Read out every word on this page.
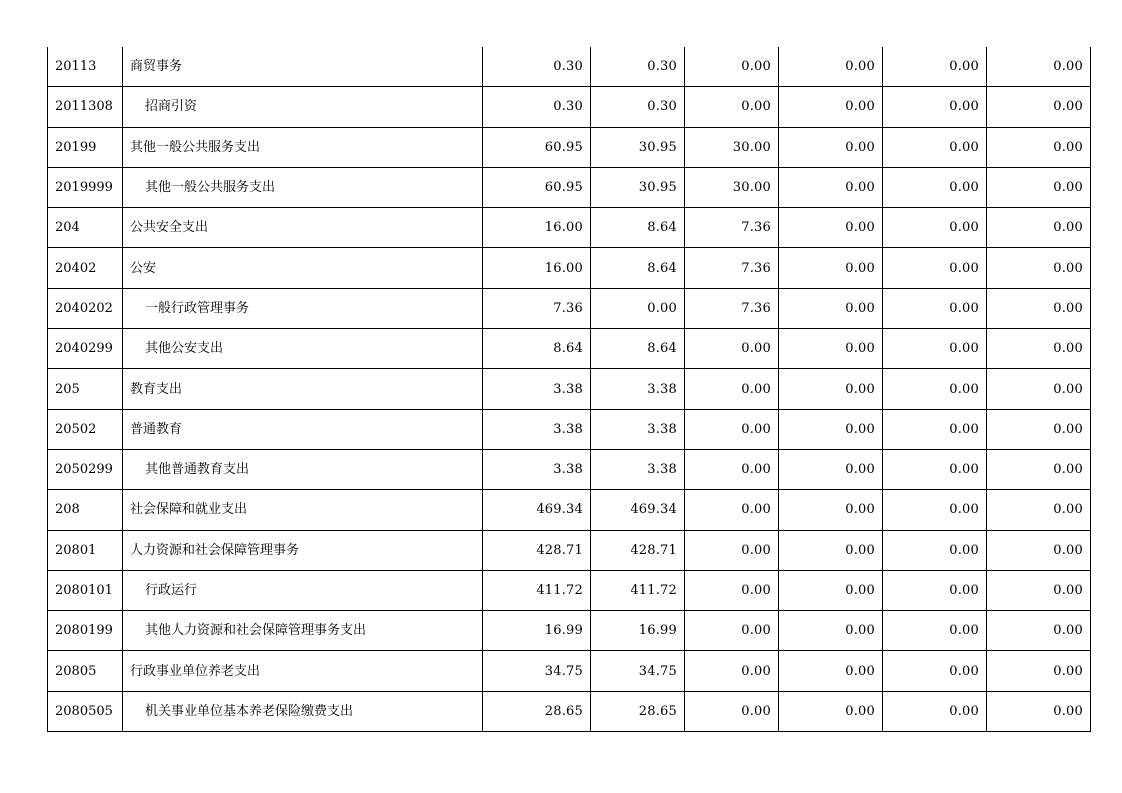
20113	商贸事务	0.30	0.30	0.00	0.00	0.00	0.00
2011308	招商引资	0.30	0.30	0.00	0.00	0.00	0.00
20199	其他一般公共服务支出	60.95	30.95	30.00	0.00	0.00	0.00
2019999	其他一般公共服务支出	60.95	30.95	30.00	0.00	0.00	0.00
204	公共安全支出	16.00	8.64	7.36	0.00	0.00	0.00
20402	公安	16.00	8.64	7.36	0.00	0.00	0.00
2040202	一般行政管理事务	7.36	0.00	7.36	0.00	0.00	0.00
2040299	其他公安支出	8.64	8.64	0.00	0.00	0.00	0.00
205	教育支出	3.38	3.38	0.00	0.00	0.00	0.00
20502	普通教育	3.38	3.38	0.00	0.00	0.00	0.00
2050299	其他普通教育支出	3.38	3.38	0.00	0.00	0.00	0.00
208	社会保障和就业支出	469.34	469.34	0.00	0.00	0.00	0.00
20801	人力资源和社会保障管理事务	428.71	428.71	0.00	0.00	0.00	0.00
2080101	行政运行	411.72	411.72	0.00	0.00	0.00	0.00
2080199	其他人力资源和社会保障管理事务支出	16.99	16.99	0.00	0.00	0.00	0.00
20805	行政事业单位养老支出	34.75	34.75	0.00	0.00	0.00	0.00
2080505	机关事业单位基本养老保险缴费支出	28.65	28.65	0.00	0.00	0.00	0.00
